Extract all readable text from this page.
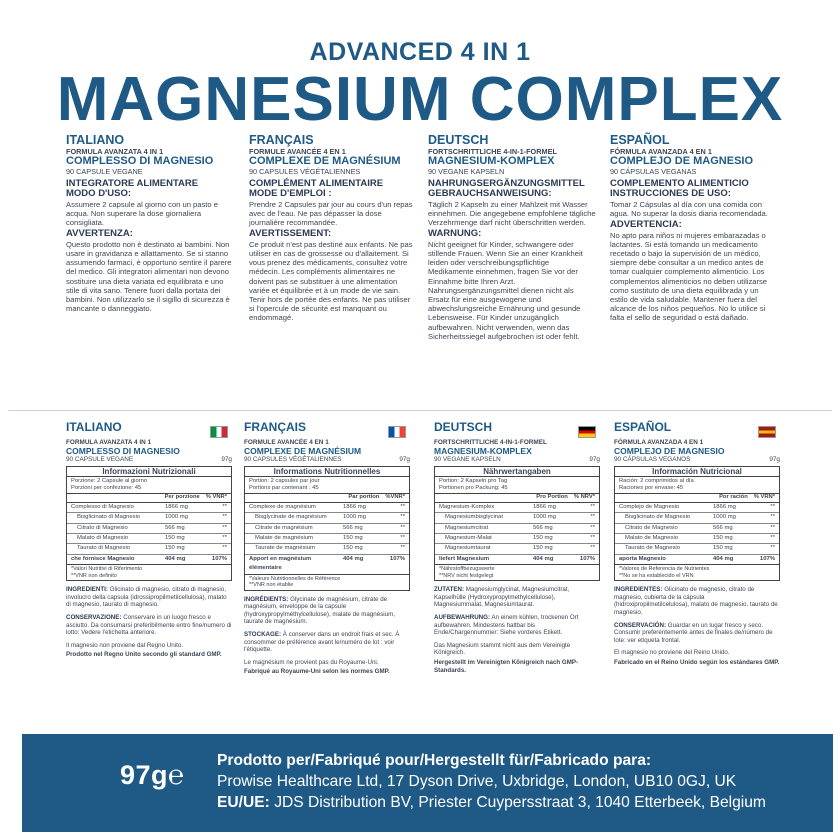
ADVANCED 4 IN 1
MAGNESIUM COMPLEX
ITALIANO
FORMULA AVANZATA 4 IN 1
COMPLESSO DI MAGNESIO
90 CAPSULE VEGANE
INTEGRATORE ALIMENTARE
MODO D'USO:
Assumere 2 capsule al giorno con un pasto e acqua. Non superare la dose giornaliera consigliata.
AVVERTENZA:
Questo prodotto non è destinato ai bambini. Non usare in gravidanza e allattamento. Se si stanno assumendo farmaci, è opportuno sentire il parere del medico. Gli integratori alimentari non devono sostituire una dieta variata ed equilibrata e uno stile di vita sano. Tenere fuori dalla portata dei bambini. Non utilizzarlo se il sigillo di sicurezza è mancante o danneggiato.
FRANÇAIS
FORMULE AVANCÉE 4 EN 1
COMPLEXE DE MAGNÉSIUM
90 CAPSULES VÉGÉTALIENNES
COMPLÉMENT ALIMENTAIRE
MODE D'EMPLOI :
Prendre 2 Capsules par jour au cours d'un repas avec de l'eau. Ne pas dépasser la dose journalière recommandée.
AVERTISSEMENT:
Ce produit n'est pas destiné aux enfants. Ne pas utiliser en cas de grossesse ou d'allaitement. Si vous prenez des médicaments, consultez votre médecin. Les compléments alimentaires ne doivent pas se substituer à une alimentation variée et équilibrée et à un mode de vie sain. Tenir hors de portée des enfants. Ne pas utiliser si l'opercule de sécurité est manquant ou endommagé.
DEUTSCH
FORTSCHRITTLICHE 4-IN-1-FORMEL
MAGNESIUM-KOMPLEX
90 VEGANE KAPSELN
NAHRUNGSERGÄNZUNGSMITTEL
GEBRAUCHSANWEISUNG:
Täglich 2 Kapseln zu einer Mahlzeit mit Wasser einnehmen. Die angegebene empfohlene tägliche Verzehrmenge darf nicht überschritten werden.
WARNUNG:
Nicht geeignet für Kinder, schwangere oder stillende Frauen. Wenn Sie an einer Krankheit leiden oder verschreibungspflichtige Medikamente einnehmen, fragen Sie vor der Einnahme bitte Ihren Arzt. Nahrungsergänzungsmittel dienen nicht als Ersatz für eine ausgewogene und abwechslungsreiche Ernährung und gesunde Lebensweise. Für Kinder unzugänglich aufbewahren. Nicht verwenden, wenn das Sicherheitssiegel aufgebrochen ist oder fehlt.
ESPAÑOL
FÓRMULA AVANZADA 4 EN 1
COMPLEJO DE MAGNESIO
90 CÁPSULAS VEGANAS
COMPLEMENTO ALIMENTICIO
INSTRUCCIONES DE USO:
Tomar 2 Cápsulas al día con una comida con agua. No superar la dosis diaria recomendada.
ADVERTENCIA:
No apto para niños ni mujeres embarazadas o lactantes. Si está tomando un medicamento recetado o bajo la supervisión de un médico, siempre debe consultar a un medico antes de tomar cualquier complemento alimenticio. Los complementos alimenticios no deben utilizarse como sustituto de una dieta equilibrada y un estilo de vida saludable. Mantener fuera del alcance de los niños pequeños. No lo utilice si falta el sello de seguridad o está dañado.
ITALIANO
FORMULA AVANZATA 4 IN 1
COMPLESSO DI MAGNESIO
90 CAPSULE VEGANE	97g
Informazioni Nutrizionali
Porzione: 2 Capsule al giorno
Porzioni per confezione: 45
Per porzione % VNR*
Complesso di Magnesio	1866 mg	**
Bisglicinato di Magnesio	1000 mg	**
Citrato di Magnesio	566 mg	**
Malato di Magnesio	150 mg	**
Taurato di Magnesio	150 mg	**
che fornisce Magnesio	404 mg	107%
*Valori Nutritivi di Riferimento
**VNR non definito
INGREDIENTI: Glicinato di magnesio, citrato di magnesio, involucro della capsula (idrossipropilmetilcellulosa), malato di magnesio, taurato di magnesio.
CONSERVAZIONE: Conservare in un luogo fresco e asciutto. Da consumarsi preferibilmente entro fine/numero di lotto: Vedere l'etichetta anteriore.
Il magnesio non proviene dal Regno Unito.
Prodotto nel Regno Unito secondo gli standard GMP.
FRANÇAIS
FORMULE AVANCÉE 4 EN 1
COMPLEXE DE MAGNÉSIUM
90 CAPSULES VÉGÉTALIENNES	97g
Informations Nutritionnelles
Portion: 2 capsules par jour
Portions par contenant : 45
Par portion %VNR*
Complexe de magnésium	1866 mg	**
Bisglycinate de magnésium	1000 mg	**
Citrate de magnésium	566 mg	**
Malate de magnésium	150 mg	**
Taurate de magnésium	150 mg	**
Apport en magnésium élémentaire
404 mg	107%
*Valeurs Nutritionnelles de Référence
**VNR non établie
INGRÉDIENTS: Glycinate de magnésium, citrate de magnésium, enveloppe de la capsule (hydroxypropylméthylcellulose), malate de magnésium, taurate de magnésium.
STOCKAGE: À conserver dans un endroit frais et sec. À consommer de préférence avant le/numéro de lot : voir l'étiquette.
Le magnésium ne provient pas du Royaume-Uni.
Fabriqué au Royaume-Uni selon les normes GMP.
DEUTSCH
FORTSCHRITTLICHE 4-IN-1-FORMEL
MAGNESIUM-KOMPLEX
90 VEGANE KAPSELN	97g
Nährwertangaben
Portion: 2 Kapseln pro Tag
Portionen pro Packung: 45
Pro Portion % NRV*
Magnesium-Komplex	1866 mg	**
Magnesiumbisglycinat	1000 mg	**
Magnesiumcitrat	566 mg	**
Magnesium-Malat	150 mg	**
Magnesiumtaurat	150 mg	**
liefert Magnesium	404 mg	107%
*Nährstoffbezugswerte
**NRV nicht festgelegt
ZUTATEN: Magnesiumglycinat, Magnesiumcitrat, Kapselhülle (Hydroxypropylmethylcellulose), Magnesiummalat, Magnesiumtaurat.
AUFBEWAHRUNG: An einem kühlen, trockenen Ort aufbewahren. Mindestens haltbar bis Ende/Chargennummer: Siehe vorderes Etikett.
Das Magnesium stammt nicht aus dem Vereinigte Königreich.
Hergestellt im Vereinigten Königreich nach GMP-Standards.
ESPAÑOL
FÓRMULA AVANZADA 4 EN 1
COMPLEJO DE MAGNESIO
90 CÁPSULAS VEGANOS	97g
Información Nutricional
Ración: 2 comprimidos al día
Raciones por envase: 45
Por ración % VRN*
Complejo de Magnesio	1866 mg	**
Bisglicinato de Magnesio	1000 mg	**
Citrato de Magnesio	566 mg	**
Malato de Magnesio	150 mg	**
Taurato de Magnesio	150 mg	**
aporta Magnesio	404 mg	107%
*Valores de Referencia de Nutrientes
**No se ha establecido el VRN
INGREDIENTES: Glicinato de magnesio, citrato de magnesio, cubierta de la cápsula (hidroxipropilmetilcelulosa), malato de magnesio, taurato de magnesio.
CONSERVACIÓN: Guardar en un lugar fresco y seco. Consumir preferentemente antes de finales de/número de lote: ver etiqueta frontal.
El magnesio no proviene del Reino Unido.
Fabricado en el Reino Unido según los estándares GMP.
97g℮ Prodotto per/Fabriqué pour/Hergestellt für/Fabricado para:
Prowise Healthcare Ltd, 17 Dyson Drive, Uxbridge, London, UB10 0GJ, UK
EU/UE: JDS Distribution BV, Priester Cuypersstraat 3, 1040 Etterbeek, Belgium
